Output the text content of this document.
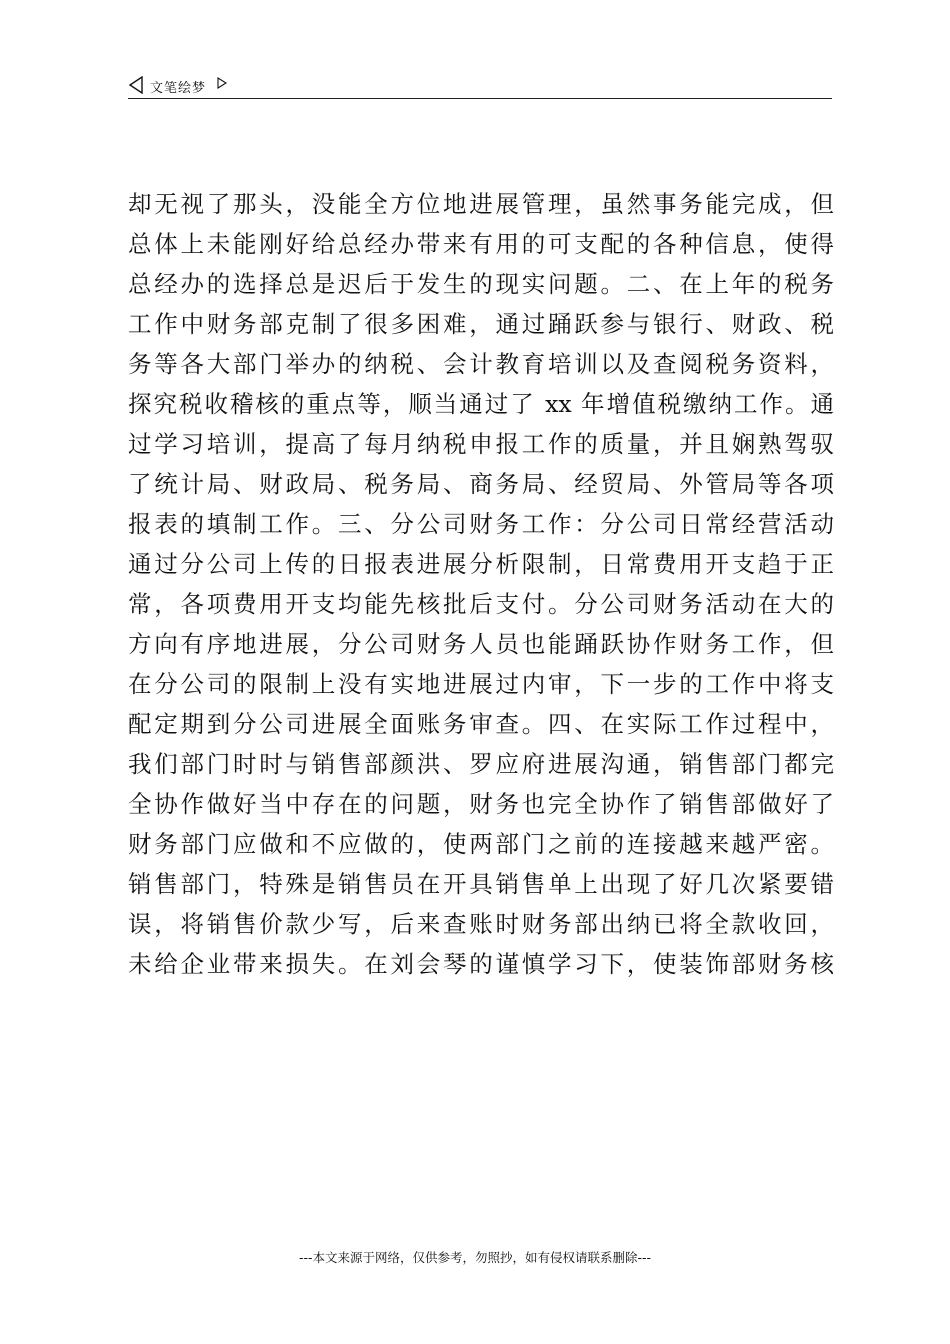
文笔绘梦
却无视了那头，没能全方位地进展管理，虽然事务能完成，但
总体上未能刚好给总经办带来有用的可支配的各种信息，使得
总经办的选择总是迟后于发生的现实问题。二、在上年的税务
工作中财务部克制了很多困难，通过踊跃参与银行、财政、税
务等各大部门举办的纳税、会计教育培训以及查阅税务资料，
探究税收稽核的重点等，顺当通过了 xx 年增值税缴纳工作。通
过学习培训，提高了每月纳税申报工作的质量，并且娴熟驾驭
了统计局、财政局、税务局、商务局、经贸局、外管局等各项
报表的填制工作。三、分公司财务工作：分公司日常经营活动
通过分公司上传的日报表进展分析限制，日常费用开支趋于正
常，各项费用开支均能先核批后支付。分公司财务活动在大的
方向有序地进展，分公司财务人员也能踊跃协作财务工作，但
在分公司的限制上没有实地进展过内审，下一步的工作中将支
配定期到分公司进展全面账务审查。四、在实际工作过程中，
我们部门时时与销售部颜洪、罗应府进展沟通，销售部门都完
全协作做好当中存在的问题，财务也完全协作了销售部做好了
财务部门应做和不应做的，使两部门之前的连接越来越严密。
销售部门，特殊是销售员在开具销售单上出现了好几次紧要错
误，将销售价款少写，后来查账时财务部出纳已将全款收回，
未给企业带来损失。在刘会琴的谨慎学习下，使装饰部财务核
---本文来源于网络，仅供参考，勿照抄，如有侵权请联系删除---
